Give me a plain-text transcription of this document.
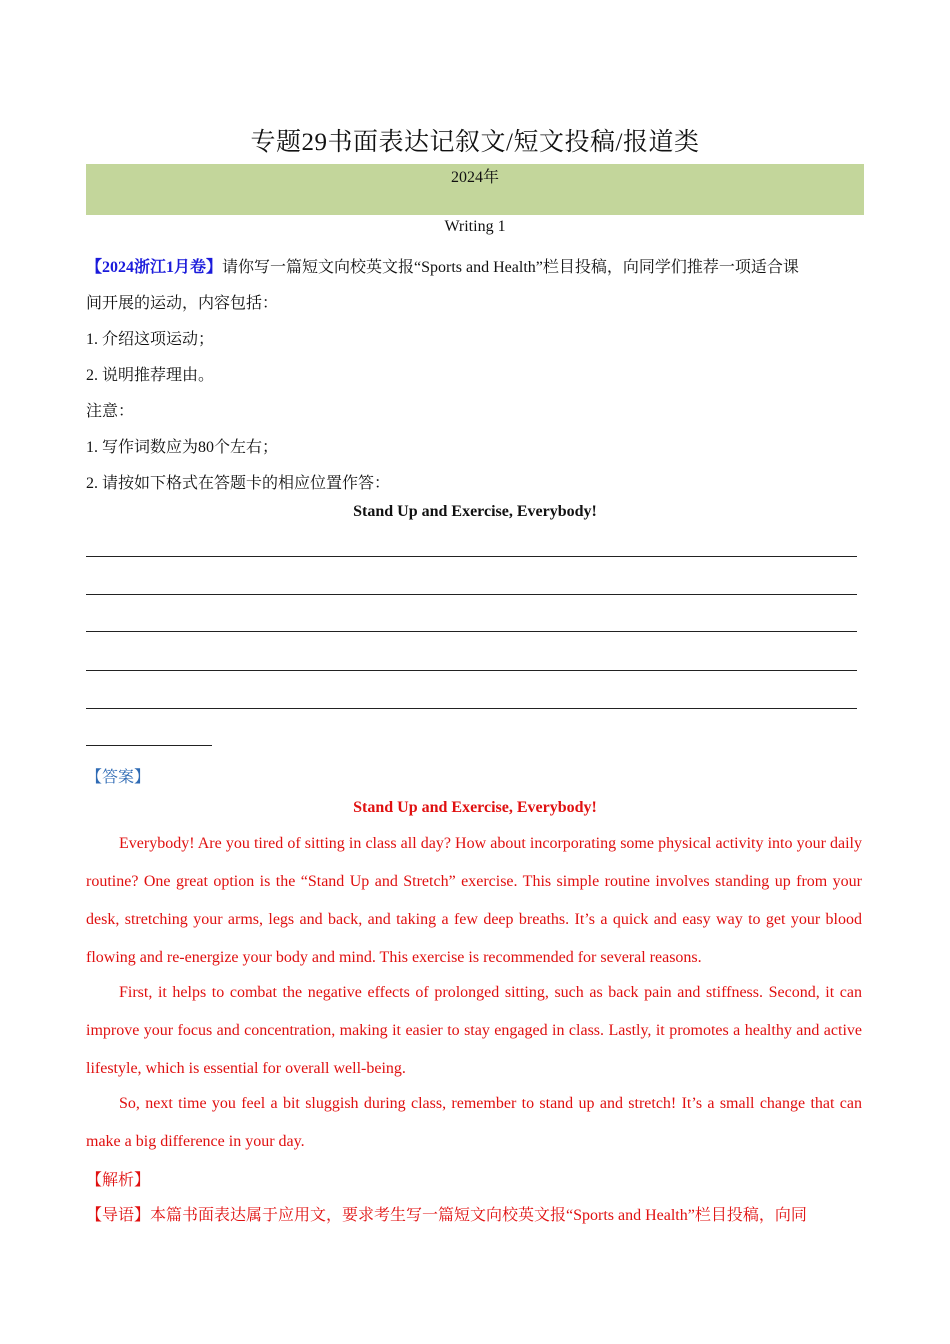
专题29书面表达记叙文/短文投稿/报道类
2024年
Writing 1
【2024浙江1月卷】请你写一篇短文向校英文报“Sports and Health”栏目投稿，向同学们推荐一项适合课
间开展的运动，内容包括：
1. 介绍这项运动；
2. 说明推荐理由。
注意：
1. 写作词数应为80个左右；
2. 请按如下格式在答题卡的相应位置作答：
Stand Up and Exercise, Everybody!
【答案】
Stand Up and Exercise, Everybody!

Everybody! Are you tired of sitting in class all day? How about incorporating some physical activity into your daily routine? One great option is the “Stand Up and Stretch” exercise. This simple routine involves standing up from your desk, stretching your arms, legs and back, and taking a few deep breaths. It’s a quick and easy way to get your blood flowing and re-energize your body and mind. This exercise is recommended for several reasons.

First, it helps to combat the negative effects of prolonged sitting, such as back pain and stiffness. Second, it can improve your focus and concentration, making it easier to stay engaged in class. Lastly, it promotes a healthy and active lifestyle, which is essential for overall well-being.

So, next time you feel a bit sluggish during class, remember to stand up and stretch! It’s a small change that can make a big difference in your day.

【解析】
【导语】本篇书面表达属于应用文，要求考生写一篇短文向校英文报“Sports and Health”栏目投稿，向同
